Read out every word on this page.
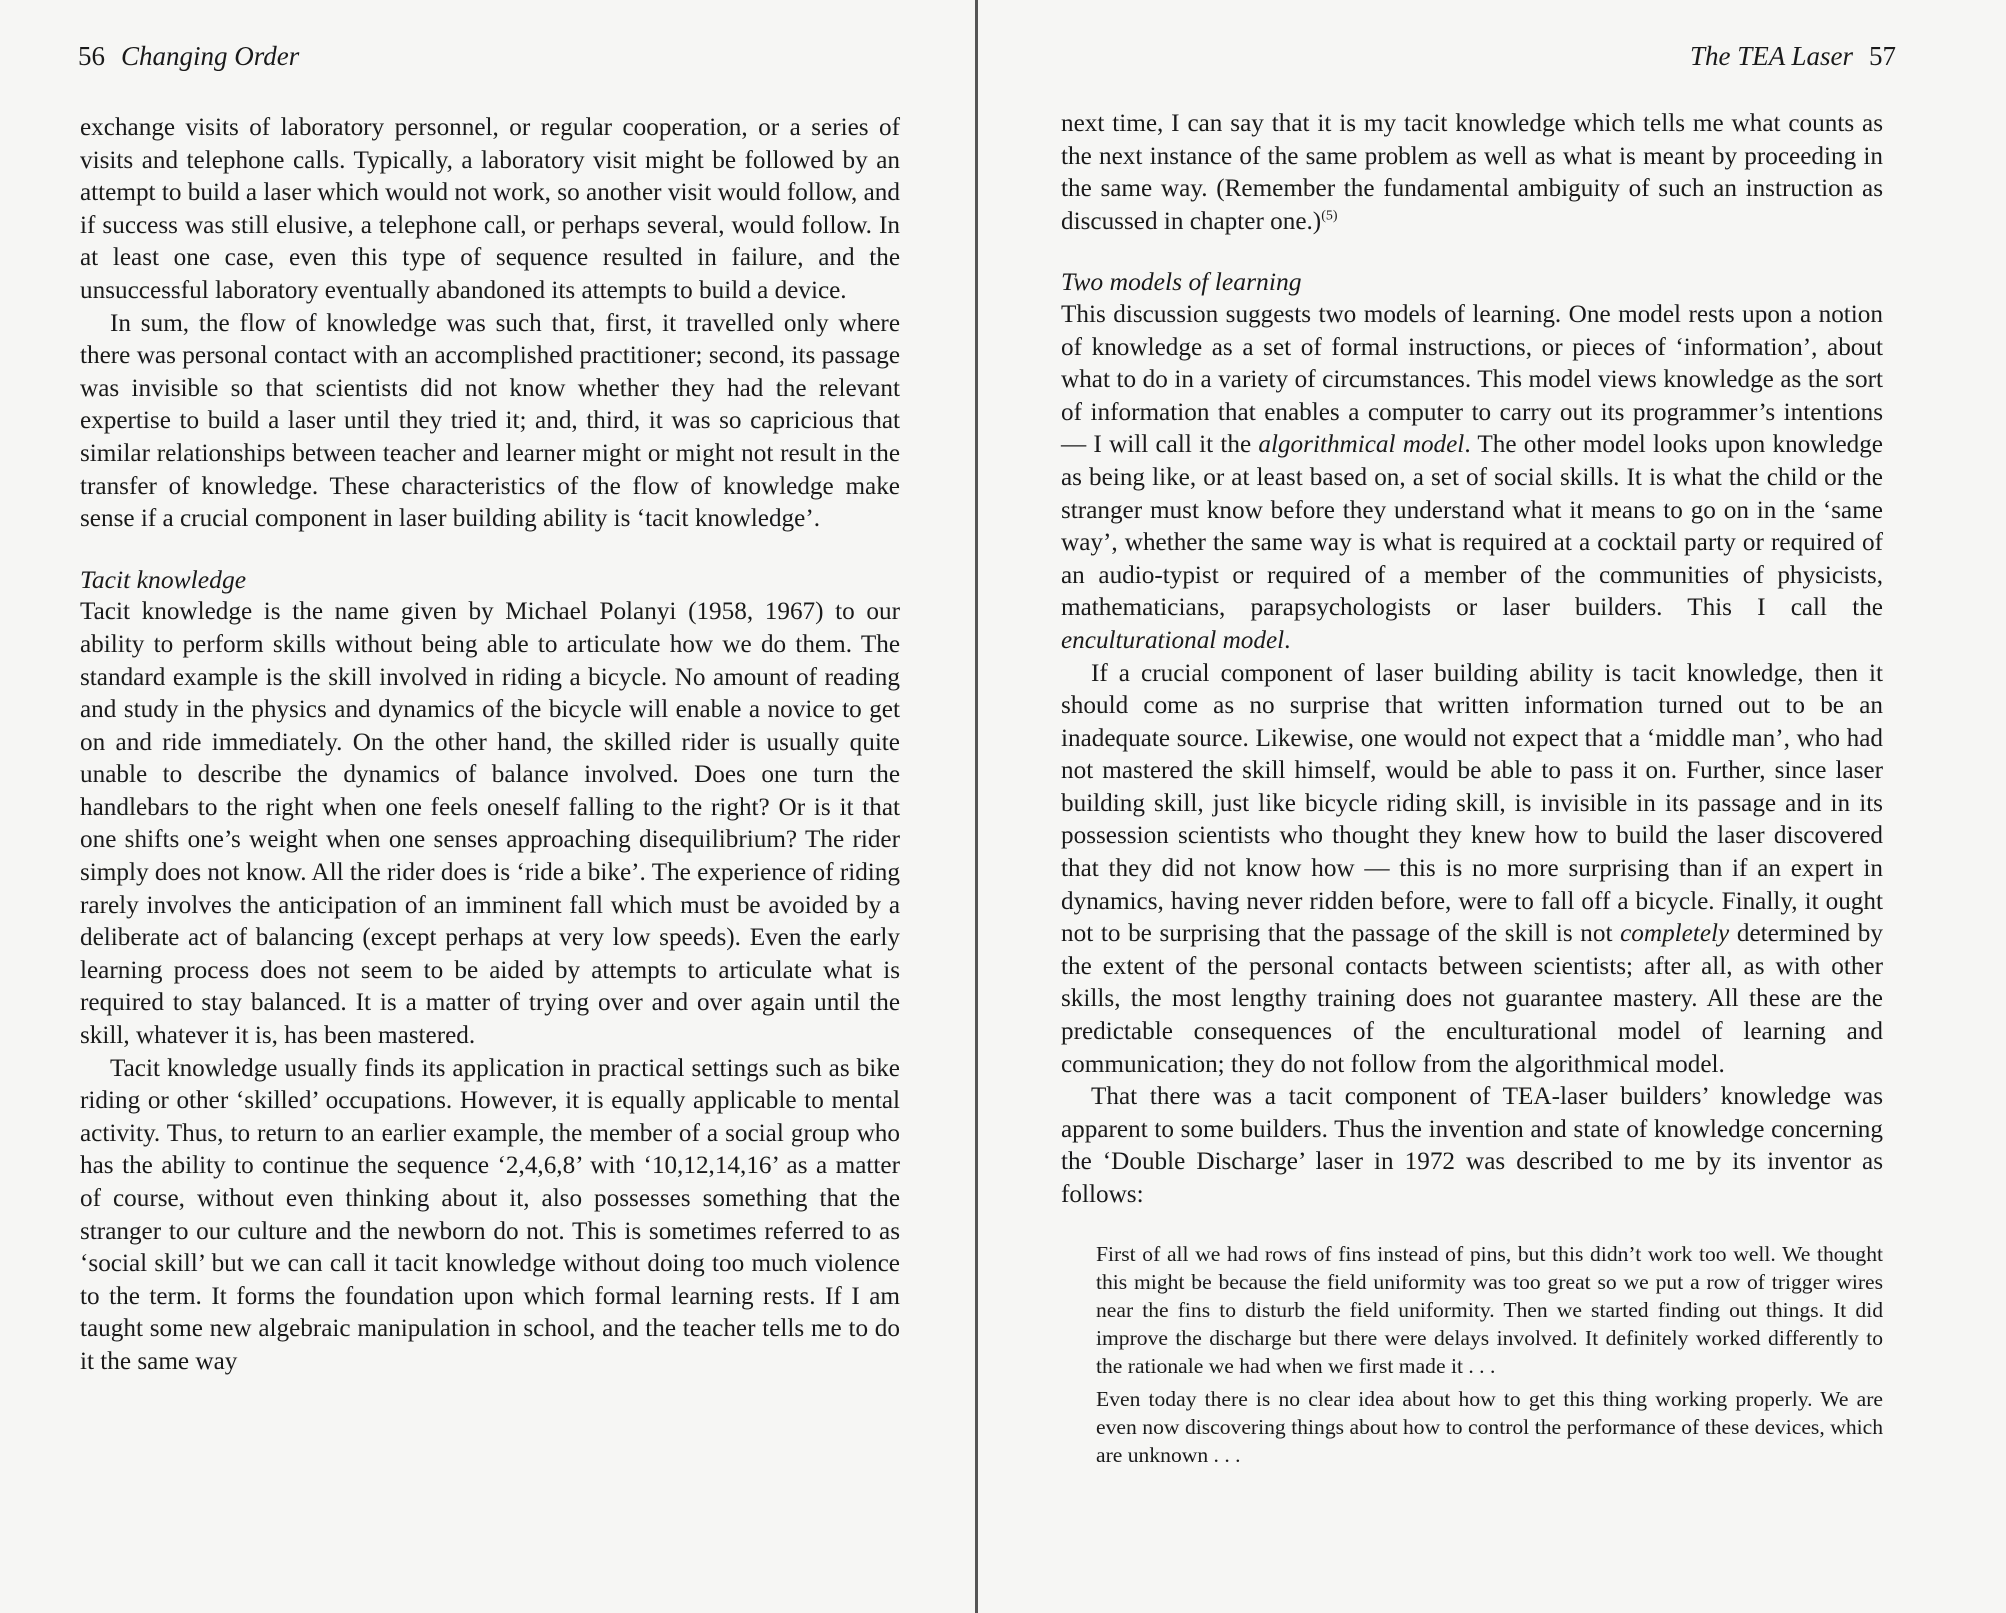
56 Changing Order

exchange visits of laboratory personnel, or regular cooperation, or a series of visits and telephone calls. Typically, a laboratory visit might be followed by an attempt to build a laser which would not work, so another visit would follow, and if success was still elusive, a telephone call, or perhaps several, would follow. In at least one case, even this type of sequence resulted in failure, and the unsuccessful laboratory eventually abandoned its attempts to build a device.

In sum, the flow of knowledge was such that, first, it travelled only where there was personal contact with an accomplished practitioner; second, its passage was invisible so that scientists did not know whether they had the relevant expertise to build a laser until they tried it; and, third, it was so capricious that similar relationships between teacher and learner might or might not result in the transfer of knowledge. These characteristics of the flow of knowledge make sense if a crucial component in laser building ability is ‘tacit knowledge’.

Tacit knowledge

Tacit knowledge is the name given by Michael Polanyi (1958, 1967) to our ability to perform skills without being able to articulate how we do them. The standard example is the skill involved in riding a bicycle. No amount of reading and study in the physics and dynamics of the bicycle will enable a novice to get on and ride immediately. On the other hand, the skilled rider is usually quite unable to describe the dynamics of balance involved. Does one turn the handlebars to the right when one feels oneself falling to the right? Or is it that one shifts one’s weight when one senses approaching disequilibrium? The rider simply does not know. All the rider does is ‘ride a bike’. The experience of riding rarely involves the anticipation of an imminent fall which must be avoided by a deliberate act of balancing (except perhaps at very low speeds). Even the early learning process does not seem to be aided by attempts to articulate what is required to stay balanced. It is a matter of trying over and over again until the skill, whatever it is, has been mastered.

Tacit knowledge usually finds its application in practical settings such as bike riding or other ‘skilled’ occupations. However, it is equally applicable to mental activity. Thus, to return to an earlier example, the member of a social group who has the ability to continue the sequence ‘2,4,6,8’ with ‘10,12,14,16’ as a matter of course, without even thinking about it, also possesses something that the stranger to our culture and the newborn do not. This is sometimes referred to as ‘social skill’ but we can call it tacit knowledge without doing too much violence to the term. It forms the foundation upon which formal learning rests. If I am taught some new algebraic manipulation in school, and the teacher tells me to do it the same way

The TEA Laser 57

next time, I can say that it is my tacit knowledge which tells me what counts as the next instance of the same problem as well as what is meant by proceeding in the same way. (Remember the fundamental ambiguity of such an instruction as discussed in chapter one.)$^{(5)}$

Two models of learning

This discussion suggests two models of learning. One model rests upon a notion of knowledge as a set of formal instructions, or pieces of ‘information’, about what to do in a variety of circumstances. This model views knowledge as the sort of information that enables a computer to carry out its programmer’s intentions — I will call it the algorithmical model. The other model looks upon knowledge as being like, or at least based on, a set of social skills. It is what the child or the stranger must know before they understand what it means to go on in the ‘same way’, whether the same way is what is required at a cocktail party or required of an audio-typist or required of a member of the communities of physicists, mathematicians, parapsychologists or laser builders. This I call the enculturational model.

If a crucial component of laser building ability is tacit knowledge, then it should come as no surprise that written information turned out to be an inadequate source. Likewise, one would not expect that a ‘middle man’, who had not mastered the skill himself, would be able to pass it on. Further, since laser building skill, just like bicycle riding skill, is invisible in its passage and in its possession scientists who thought they knew how to build the laser discovered that they did not know how — this is no more surprising than if an expert in dynamics, having never ridden before, were to fall off a bicycle. Finally, it ought not to be surprising that the passage of the skill is not completely determined by the extent of the personal contacts between scientists; after all, as with other skills, the most lengthy training does not guarantee mastery. All these are the predictable consequences of the enculturational model of learning and communication; they do not follow from the algorithmical model.

That there was a tacit component of TEA-laser builders’ knowledge was apparent to some builders. Thus the invention and state of knowledge concerning the ‘Double Discharge’ laser in 1972 was described to me by its inventor as follows:

First of all we had rows of fins instead of pins, but this didn’t work too well. We thought this might be because the field uniformity was too great so we put a row of trigger wires near the fins to disturb the field uniformity. Then we started finding out things. It did improve the discharge but there were delays involved. It definitely worked differently to the rationale we had when we first made it . . .

Even today there is no clear idea about how to get this thing working properly. We are even now discovering things about how to control the performance of these devices, which are unknown . . .
